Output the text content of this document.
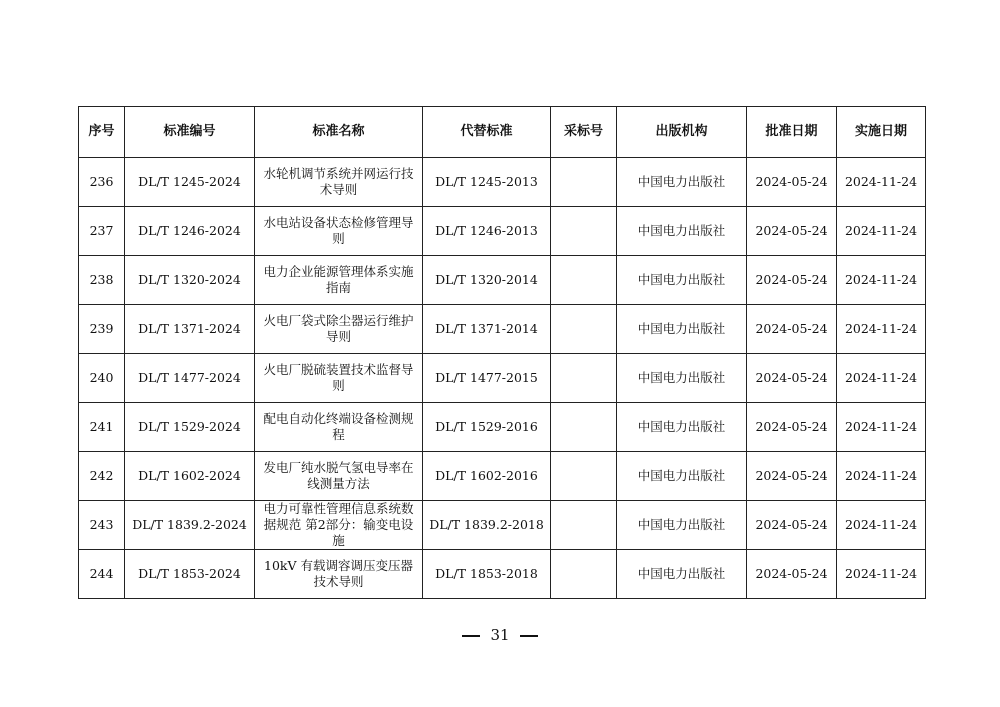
序号	标准编号	标准名称	代替标准	采标号	出版机构	批准日期	实施日期
236	DL/T 1245-2024	水轮机调节系统并网运行技术导则	DL/T 1245-2013		中国电力出版社	2024-05-24	2024-11-24
237	DL/T 1246-2024	水电站设备状态检修管理导则	DL/T 1246-2013		中国电力出版社	2024-05-24	2024-11-24
238	DL/T 1320-2024	电力企业能源管理体系实施指南	DL/T 1320-2014		中国电力出版社	2024-05-24	2024-11-24
239	DL/T 1371-2024	火电厂袋式除尘器运行维护导则	DL/T 1371-2014		中国电力出版社	2024-05-24	2024-11-24
240	DL/T 1477-2024	火电厂脱硫装置技术监督导则	DL/T 1477-2015		中国电力出版社	2024-05-24	2024-11-24
241	DL/T 1529-2024	配电自动化终端设备检测规程	DL/T 1529-2016		中国电力出版社	2024-05-24	2024-11-24
242	DL/T 1602-2024	发电厂纯水脱气氢电导率在线测量方法	DL/T 1602-2016		中国电力出版社	2024-05-24	2024-11-24
243	DL/T 1839.2-2024	电力可靠性管理信息系统数据规范 第2部分：输变电设施	DL/T 1839.2-2018		中国电力出版社	2024-05-24	2024-11-24
244	DL/T 1853-2024	10kV 有载调容调压变压器技术导则	DL/T 1853-2018		中国电力出版社	2024-05-24	2024-11-24
31
